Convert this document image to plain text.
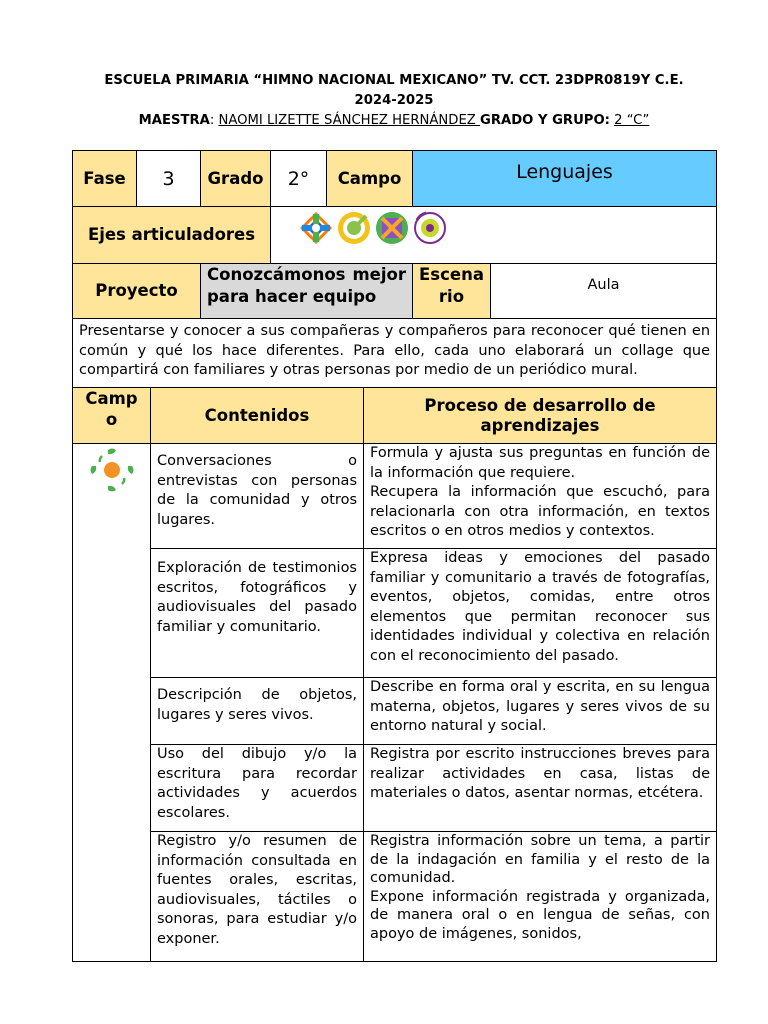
ESCUELA PRIMARIA “HIMNO NACIONAL MEXICANO” TV. CCT. 23DPR0819Y C.E.
2024-2025
MAESTRA: NAOMI LIZETTE SÁNCHEZ HERNÁNDEZ GRADO Y GRUPO: 2 “C”
Fase	3	Grado	2°	Campo	Lenguajes	
Ejes articuladores	

Proyecto		Conozcámonos mejor para hacer equipo			Escenario	Aula
Presentarse y conocer a sus compañeras y compañeros para reconocer qué tienen en común y qué los hace diferentes. Para ello, cada uno elaborará un collage que compartirá con familiares y otras personas por medio de un periódico mural.						
Campo	Contenidos	Proceso de desarrollo de aprendizajes

	Conversaciones o entrevistas con personas de la comunidad y otros lugares.	Formula y ajusta sus preguntas en función de la información que requiere.
Recupera la información que escuchó, para relacionarla con otra información, en textos escritos o en otros medios y contextos.
	Exploración de testimonios escritos, fotográficos y audiovisuales del pasado familiar y comunitario.	Expresa ideas y emociones del pasado familiar y comunitario a través de fotografías, eventos, objetos, comidas, entre otros elementos que permitan reconocer sus identidades individual y colectiva en relación con el reconocimiento del pasado.
	Descripción de objetos, lugares y seres vivos.	Describe en forma oral y escrita, en su lengua materna, objetos, lugares y seres vivos de su entorno natural y social.
	Uso del dibujo y/o la escritura para recordar actividades y acuerdos escolares.	Registra por escrito instrucciones breves para realizar actividades en casa, listas de materiales o datos, asentar normas, etcétera.
	Registro y/o resumen de información consultada en fuentes orales, escritas, audiovisuales, táctiles o sonoras, para estudiar y/o exponer.	Registra información sobre un tema, a partir de la indagación en familia y el resto de la comunidad.
Expone información registrada y organizada, de manera oral o en lengua de señas, con apoyo de imágenes, sonidos,
